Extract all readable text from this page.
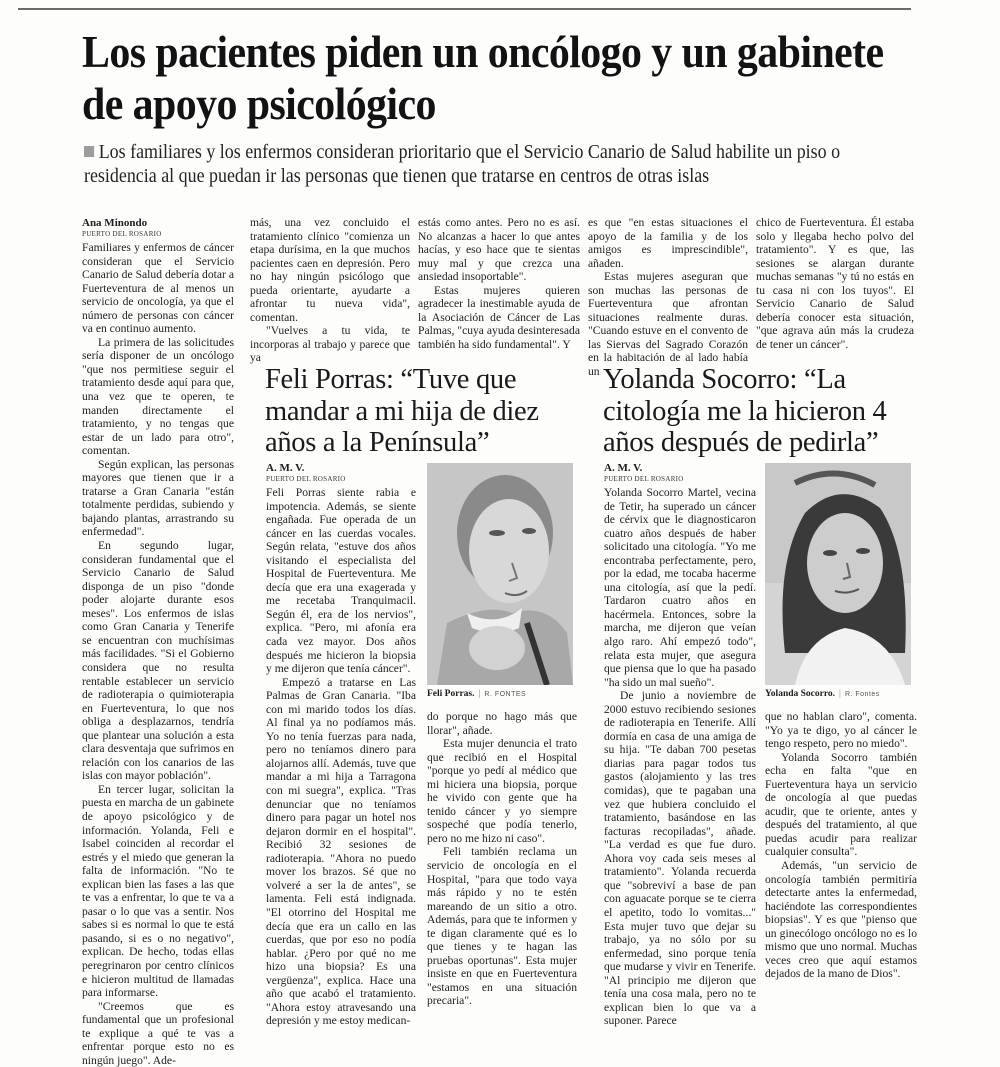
Los pacientes piden un oncólogo y un gabinete de apoyo psicológico

Los familiares y los enfermos consideran prioritario que el Servicio Canario de Salud habilite un piso o residencia al que puedan ir las personas que tienen que tratarse en centros de otras islas

Ana Minondo
PUERTO DEL ROSARIO

Familiares y enfermos de cáncer consideran que el Servicio Canario de Salud debería dotar a Fuerteventura de al menos un servicio de oncología, ya que el número de personas con cáncer va en continuo aumento.

La primera de las solicitudes sería disponer de un oncólogo "que nos permitiese seguir el tratamiento desde aquí para que, una vez que te operen, te manden directamente el tratamiento, y no tengas que estar de un lado para otro", comentan.

Según explican, las personas mayores que tienen que ir a tratarse a Gran Canaria "están totalmente perdidas, subiendo y bajando plantas, arrastrando su enfermedad".

En segundo lugar, consideran fundamental que el Servicio Canario de Salud disponga de un piso "donde poder alojarte durante esos meses". Los enfermos de islas como Gran Canaria y Tenerife se encuentran con muchísimas más facilidades. "Si el Gobierno considera que no resulta rentable establecer un servicio de radioterapia o quimioterapia en Fuerteventura, lo que nos obliga a desplazarnos, tendría que plantear una solución a esta clara desventaja que sufrimos en relación con los canarios de las islas con mayor población".

En tercer lugar, solicitan la puesta en marcha de un gabinete de apoyo psicológico y de información. Yolanda, Feli e Isabel coinciden al recordar el estrés y el miedo que generan la falta de información. "No te explican bien las fases a las que te vas a enfrentar, lo que te va a pasar o lo que vas a sentir. Nos sabes si es normal lo que te está pasando, si es o no negativo", explican. De hecho, todas ellas peregrinaron por centro clínicos e hicieron multitud de llamadas para informarse.

"Creemos que es fundamental que un profesional te explique a qué te vas a enfrentar porque esto no es ningún juego". Ade-

más, una vez concluido el tratamiento clínico "comienza un etapa durísima, en la que muchos pacientes caen en depresión. Pero no hay ningún psicólogo que pueda orientarte, ayudarte a afrontar tu nueva vida", comentan.

"Vuelves a tu vida, te incorporas al trabajo y parece que ya

estás como antes. Pero no es así. No alcanzas a hacer lo que antes hacías, y eso hace que te sientas muy mal y que crezca una ansiedad insoportable".

Estas mujeres quieren agradecer la inestimable ayuda de la Asociación de Cáncer de Las Palmas, "cuya ayuda desinteresada también ha sido fundamental". Y

es que "en estas situaciones el apoyo de la familia y de los amigos es imprescindible", añaden.

Estas mujeres aseguran que son muchas las personas de Fuerteventura que afrontan situaciones realmente duras. "Cuando estuve en el convento de las Siervas del Sagrado Corazón en la habitación de al lado había un

chico de Fuerteventura. Él estaba solo y llegaba hecho polvo del tratamiento". Y es que, las sesiones se alargan durante muchas semanas "y tú no estás en tu casa ni con los tuyos". El Servicio Canario de Salud debería conocer esta situación, "que agrava aún más la crudeza de tener un cáncer".

Feli Porras: “Tuve que mandar a mi hija de diez años a la Península”
A. M. V.
PUERTO DEL ROSARIO

Feli Porras siente rabia e impotencia. Además, se siente engañada. Fue operada de un cáncer en las cuerdas vocales. Según relata, "estuve dos años visitando el especialista del Hospital de Fuerteventura. Me decía que era una exagerada y me recetaba Tranquimacil. Según él, era de los nervios", explica. "Pero, mi afonía era cada vez mayor. Dos años después me hicieron la biopsia y me dijeron que tenía cáncer".

Empezó a tratarse en Las Palmas de Gran Canaria. "Iba con mi marido todos los días. Al final ya no podíamos más. Yo no tenía fuerzas para nada, pero no teníamos dinero para alojarnos allí. Además, tuve que mandar a mi hija a Tarragona con mi suegra", explica. "Tras denunciar que no teníamos dinero para pagar un hotel nos dejaron dormir en el hospital". Recibió 32 sesiones de radioterapia. "Ahora no puedo mover los brazos. Sé que no volveré a ser la de antes", se lamenta. Feli está indignada. "El otorrino del Hospital me decía que era un callo en las cuerdas, que por eso no podía hablar. ¿Pero por qué no me hizo una biopsia? Es una vergüenza", explica. Hace una año que acabó el tratamiento. "Ahora estoy atravesando una depresión y me estoy medican-

Feli Porras. | R. FONTES

do porque no hago más que llorar", añade.

Esta mujer denuncia el trato que recibió en el Hospital "porque yo pedí al médico que mi hiciera una biopsia, porque he vivido con gente que ha tenido cáncer y yo siempre sospeché que podía tenerlo, pero no me hizo ni caso".

Feli también reclama un servicio de oncología en el Hospital, "para que todo vaya más rápido y no te estén mareando de un sitio a otro. Además, para que te informen y te digan claramente qué es lo que tienes y te hagan las pruebas oportunas". Esta mujer insiste en que en Fuerteventura "estamos en una situación precaria".

Yolanda Socorro: “La citología me la hicieron 4 años después de pedirla”
A. M. V.
PUERTO DEL ROSARIO

Yolanda Socorro Martel, vecina de Tetir, ha superado un cáncer de cérvix que le diagnosticaron cuatro años después de haber solicitado una citología. "Yo me encontraba perfectamente, pero, por la edad, me tocaba hacerme una citología, así que la pedí. Tardaron cuatro años en hacérmela. Entonces, sobre la marcha, me dijeron que veían algo raro. Ahí empezó todo", relata esta mujer, que asegura que piensa que lo que ha pasado "ha sido un mal sueño".

De junio a noviembre de 2000 estuvo recibiendo sesiones de radioterapia en Tenerife. Allí dormía en casa de una amiga de su hija. "Te daban 700 pesetas diarias para pagar todos tus gastos (alojamiento y las tres comidas), que te pagaban una vez que hubiera concluido el tratamiento, basándose en las facturas recopiladas", añade. "La verdad es que fue duro. Ahora voy cada seis meses al tratamiento". Yolanda recuerda que "sobreviví a base de pan con aguacate porque se te cierra el apetito, todo lo vomitas..." Esta mujer tuvo que dejar su trabajo, ya no sólo por su enfermedad, sino porque tenía que mudarse y vivir en Tenerife. "Al principio me dijeron que tenía una cosa mala, pero no te explican bien lo que va a suponer. Parece

Yolanda Socorro. | R. Fontes

que no hablan claro", comenta. "Yo ya te digo, yo al cáncer le tengo respeto, pero no miedo".

Yolanda Socorro también echa en falta "que en Fuerteventura haya un servicio de oncología al que puedas acudir, que te oriente, antes y después del tratamiento, al que puedas acudir para realizar cualquier consulta".

Además, "un servicio de oncología también permitiría detectarte antes la enfermedad, haciéndote las correspondientes biopsias". Y es que "pienso que un ginecólogo oncólogo no es lo mismo que uno normal. Muchas veces creo que aquí estamos dejados de la mano de Dios".
